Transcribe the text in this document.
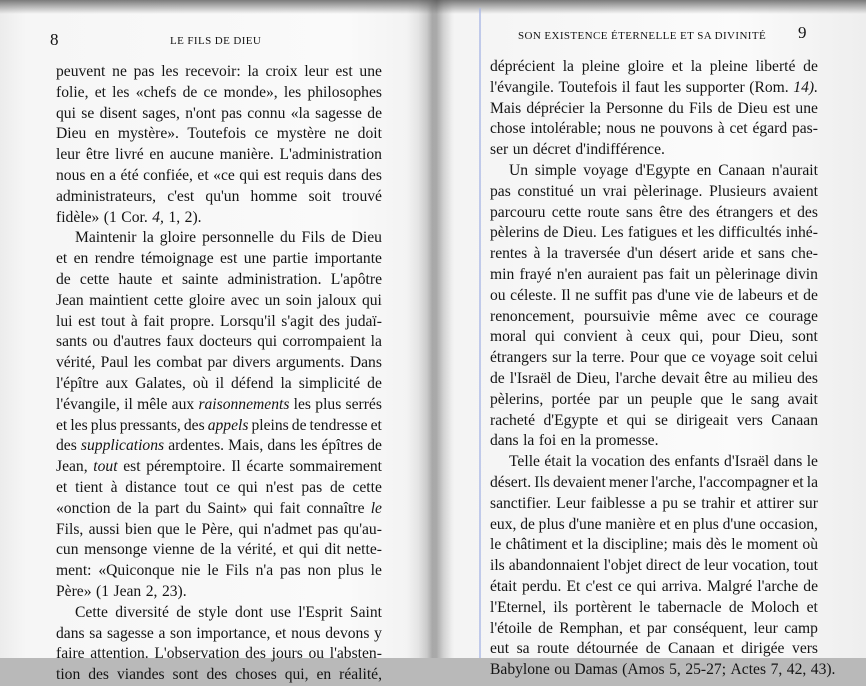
8	LE FILS DE DIEU	SON EXISTENCE ÉTERNELLE ET SA DIVINITÉ 9
peuvent ne pas les recevoir: la croix leur est une
folie, et les «chefs de ce monde», les philosophes
qui se disent sages, n'ont pas connu «la sagesse de
Dieu en mystère». Toutefois ce mystère ne doit
leur être livré en aucune manière. L'administration
nous en a été confiée, et «ce qui est requis dans des
administrateurs, c'est qu'un homme soit trouvé
fidèle» (1 Cor. 4, 1, 2).
Maintenir la gloire personnelle du Fils de Dieu
et en rendre témoignage est une partie importante
de cette haute et sainte administration. L'apôtre
Jean maintient cette gloire avec un soin jaloux qui
lui est tout à fait propre. Lorsqu'il s'agit des judaï-
sants ou d'autres faux docteurs qui corrompaient la
vérité, Paul les combat par divers arguments. Dans
l'épître aux Galates, où il défend la simplicité de
l'évangile, il mêle aux raisonnements les plus serrés
et les plus pressants, des appels pleins de tendresse et
des supplications ardentes. Mais, dans les épîtres de
Jean, tout est péremptoire. Il écarte sommairement
et tient à distance tout ce qui n'est pas de cette
«onction de la part du Saint» qui fait connaître le
Fils, aussi bien que le Père, qui n'admet pas qu'au-
cun mensonge vienne de la vérité, et qui dit nette-
ment: «Quiconque nie le Fils n'a pas non plus le
Père» (1 Jean 2, 23).
Cette diversité de style dont use l'Esprit Saint
dans sa sagesse a son importance, et nous devons y
faire attention. L'observation des jours ou l'absten-
tion des viandes sont des choses qui, en réalité,
déprécient la pleine gloire et la pleine liberté de
l'évangile. Toutefois il faut les supporter (Rom. 14).
Mais déprécier la Personne du Fils de Dieu est une
chose intolérable; nous ne pouvons à cet égard pas-
ser un décret d'indifférence.
Un simple voyage d'Egypte en Canaan n'aurait
pas constitué un vrai pèlerinage. Plusieurs avaient
parcouru cette route sans être des étrangers et des
pèlerins de Dieu. Les fatigues et les difficultés inhé-
rentes à la traversée d'un désert aride et sans che-
min frayé n'en auraient pas fait un pèlerinage divin
ou céleste. Il ne suffit pas d'une vie de labeurs et de
renoncement, poursuivie même avec ce courage
moral qui convient à ceux qui, pour Dieu, sont
étrangers sur la terre. Pour que ce voyage soit celui
de l'Israël de Dieu, l'arche devait être au milieu des
pèlerins, portée par un peuple que le sang avait
racheté d'Egypte et qui se dirigeait vers Canaan
dans la foi en la promesse.
Telle était la vocation des enfants d'Israël dans le
désert. Ils devaient mener l'arche, l'accompagner et la
sanctifier. Leur faiblesse a pu se trahir et attirer sur
eux, de plus d'une manière et en plus d'une occasion,
le châtiment et la discipline; mais dès le moment où
ils abandonnaient l'objet direct de leur vocation, tout
était perdu. Et c'est ce qui arriva. Malgré l'arche de
l'Eternel, ils portèrent le tabernacle de Moloch et
l'étoile de Remphan, et par conséquent, leur camp
eut sa route détournée de Canaan et dirigée vers
Babylone ou Damas (Amos 5, 25-27; Actes 7, 42, 43).
